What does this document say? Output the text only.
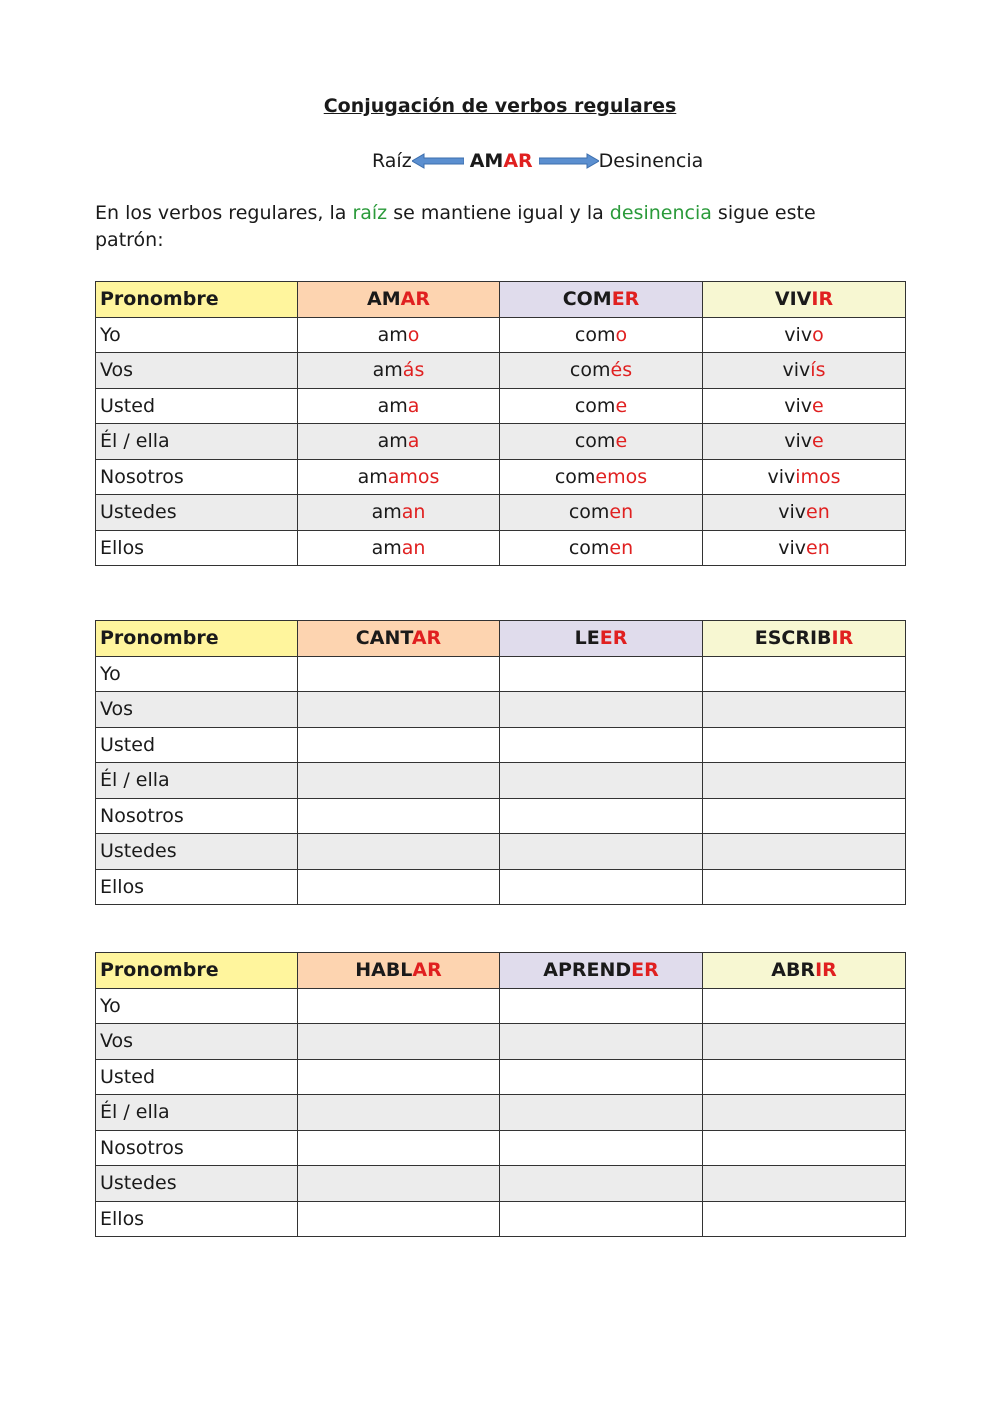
Conjugación de verbos regulares
Raíz	AMAR	Desinencia
En los verbos regulares, la raíz se mantiene igual y la desinencia sigue este patrón:
Pronombre	AMAR	COMER	VIVIR
Yo	amo	como	vivo
Vos	amás	comés	vivís
Usted	ama	come	vive
Él / ella	ama	come	vive
Nosotros	amamos	comemos	vivimos
Ustedes	aman	comen	viven
Ellos	aman	comen	viven
Pronombre	CANTAR	LEER	ESCRIBIR
Yo			
Vos			
Usted			
Él / ella			
Nosotros			
Ustedes			
Ellos			
Pronombre	HABLAR	APRENDER	ABRIR
Yo			
Vos			
Usted			
Él / ella			
Nosotros			
Ustedes			
Ellos			
